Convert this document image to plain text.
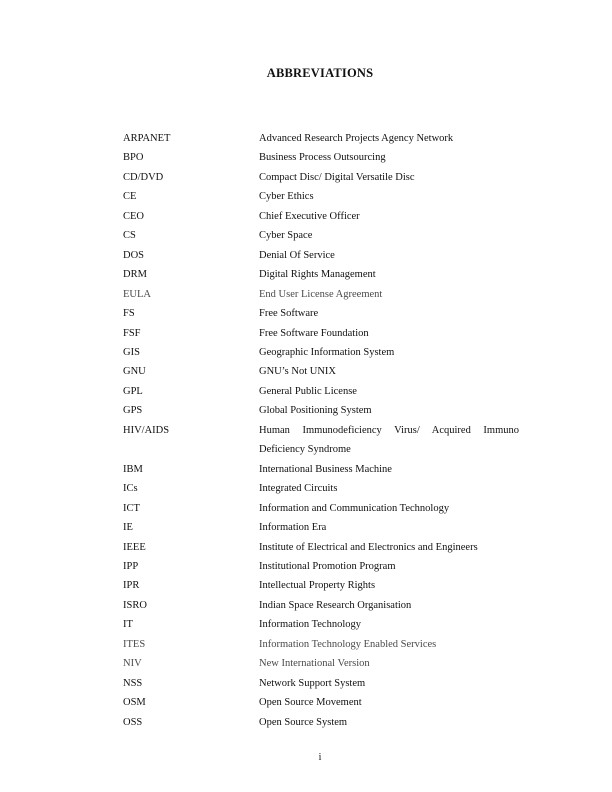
ABBREVIATIONS
ARPANET	Advanced Research Projects Agency Network
BPO	Business Process Outsourcing
CD/DVD	Compact Disc/ Digital Versatile Disc
CE	Cyber Ethics
CEO	Chief Executive Officer
CS	Cyber Space
DOS	Denial Of Service
DRM	Digital Rights Management
EULA	End User License Agreement
FS	Free Software
FSF	Free Software Foundation
GIS	Geographic Information System
GNU	GNU’s Not UNIX
GPL	General Public License
GPS	Global Positioning System
HIV/AIDS	Human Immunodeficiency Virus/ Acquired Immuno
Deficiency Syndrome
IBM	International Business Machine
ICs	Integrated Circuits
ICT	Information and Communication Technology
IE	Information Era
IEEE	Institute of Electrical and Electronics and Engineers
IPP	Institutional Promotion Program
IPR	Intellectual Property Rights
ISRO	Indian Space Research Organisation
IT	Information Technology
ITES	Information Technology Enabled Services
NIV	New International Version
NSS	Network Support System
OSM	Open Source Movement
OSS	Open Source System
i
